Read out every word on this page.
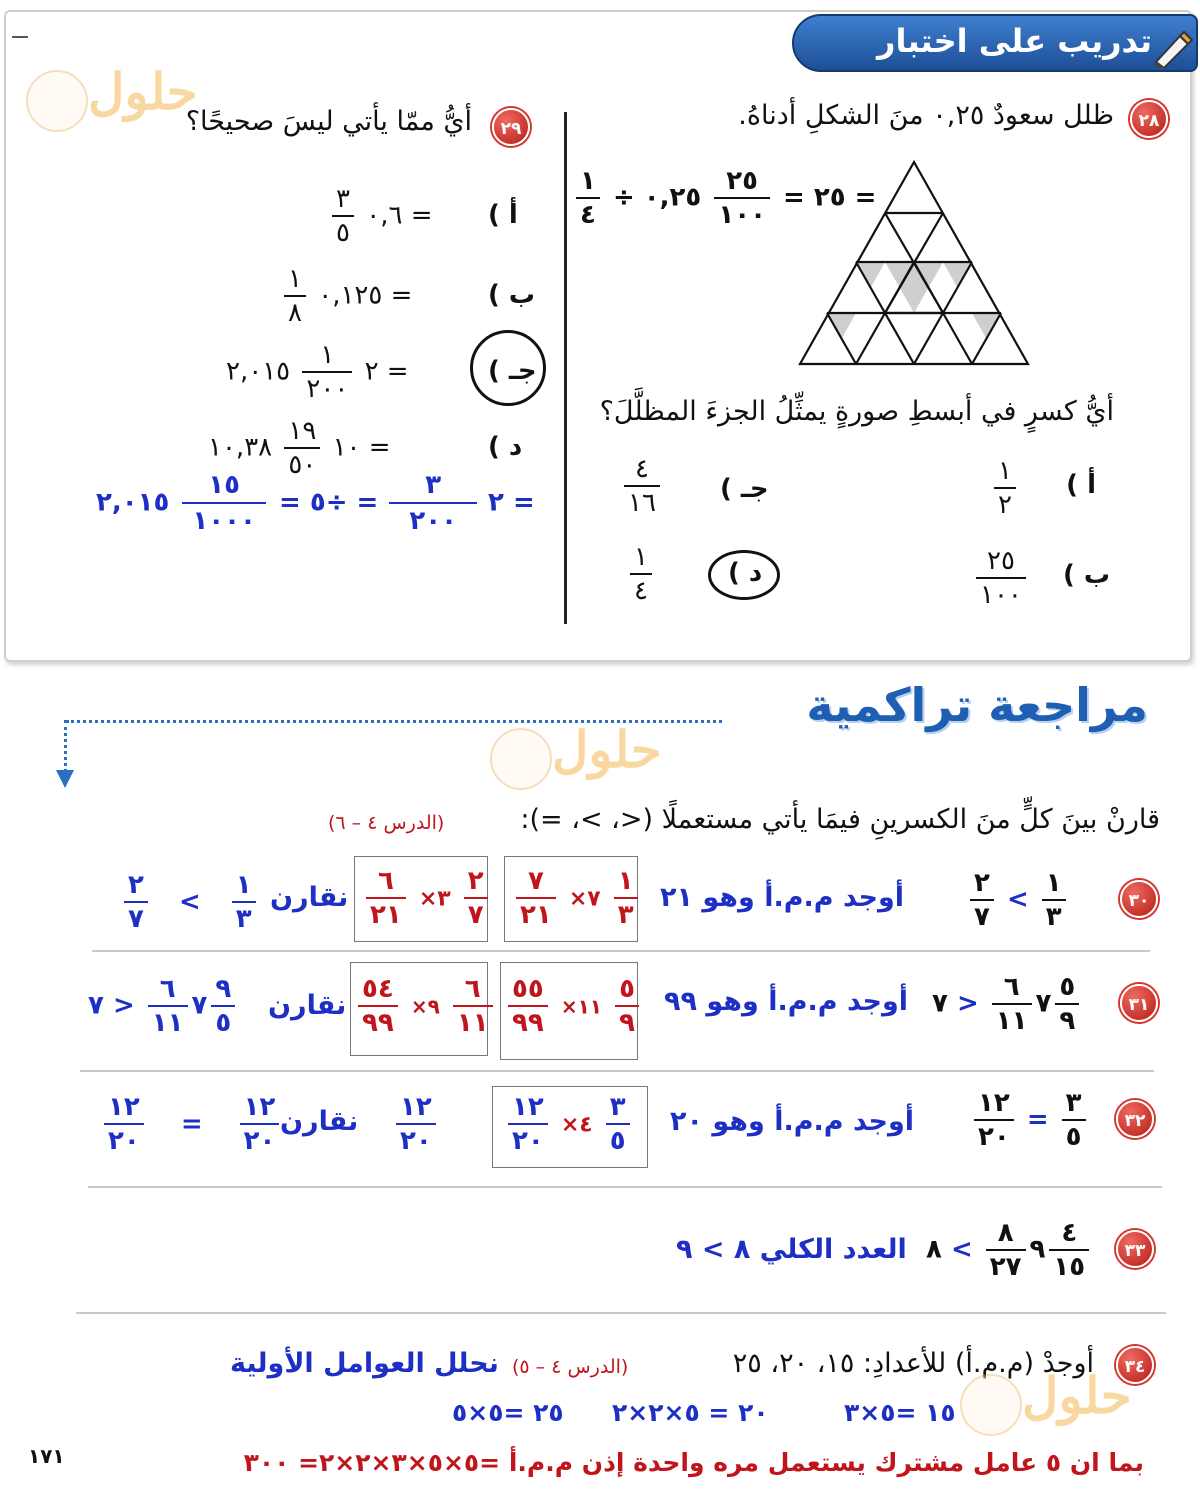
تدريب على اختبار
حلول	٢٨
ظلل سعودٌ ٠,٢٥ منَ الشكلِ أدناهُ.
$\frac{١}{٤}$ ÷ ٢٥ =
$\frac{٢٥}{١٠٠}$
٠,٢٥ =
أيُّ كسرٍ في أبسطِ صورةٍ يمثِّلُ الجزءَ المظلَّلَ؟
أ )
$\frac{١}{٢}$
ب )
$\frac{٢٥}{١٠٠}$
جـ )
$\frac{٤}{١٦}$
د )
$\frac{١}{٤}$
٢٩
أيُّ ممّا يأتي ليسَ صحيحًا؟
أ )
$\frac{٣}{٥}$ ٠,٦ =
ب )
$\frac{١}{٨}$ ٠,١٢٥ =
جـ )
٢
$\frac{١}{٢٠٠}$
٢,٠١٥ =
د )
١٠
$\frac{١٩}{٥٠}$
١٠,٣٨ =
٢
$\frac{٣}{٢٠٠}$
= ÷٥ =
$\frac{١٥}{١٠٠٠}$
٢,٠١٥ =
مراجعة تراكمية
حلول
قارنْ بينَ كلٍّ منَ الكسرينِ فيمَا يأتي مستعملًا (<، >، =):
(الدرس ٤ – ٦)
٣٠
$\frac{٢}{٧} < \frac{١}{٣}$
أوجد م.م.أ وهو ٢١
$\frac{٧}{٢١}$ ×٧ $\frac{١}{٣}$
$\frac{٦}{٢١}$ ×٣ $\frac{٢}{٧}$
نقارن
$\frac{٢}{٧} < \frac{١}{٣}$
٣١
٧
$\frac{٦}{١١}$
< ٧	$\frac{٥}{٩}$
أوجد م.م.أ وهو ٩٩
$\frac{٥٥}{٩٩}$ ×١١ $\frac{٥}{٩}$
$\frac{٥٤}{٩٩}$ ×٩ $\frac{٦}{١١}$
نقارن
٧
$\frac{٦}{١١}$
< ٧	$\frac{٩}{٥}$
٣٢
$\frac{١٢}{٢٠} = \frac{٣}{٥}$
أوجد م.م.أ وهو ٢٠
$\frac{١٢}{٢٠}$ ×٤ $\frac{٣}{٥}$
$\frac{١٢}{٢٠}$
نقارن
$\frac{١٢}{٢٠} = \frac{١٢}{٢٠}$
٣٣
٩
$\frac{٨}{٢٧}$
> ٨	$\frac{٤}{١٥}$
العدد الكلي ٨ > ٩
٣٤
أوجدْ (م.م.أ) للأعدادِ: ١٥، ٢٠، ٢٥
(الدرس ٤ – ٥)
نحلل العوامل الأولية
حلول
١٥ =٥×٣
٢٠ = ٥×٢×٢
٢٥ =٥×٥
بما ان ٥ عامل مشترك يستعمل مره واحدة إذن م.م.أ =٥×٥×٣×٢×٢= ٣٠٠
١٧١
